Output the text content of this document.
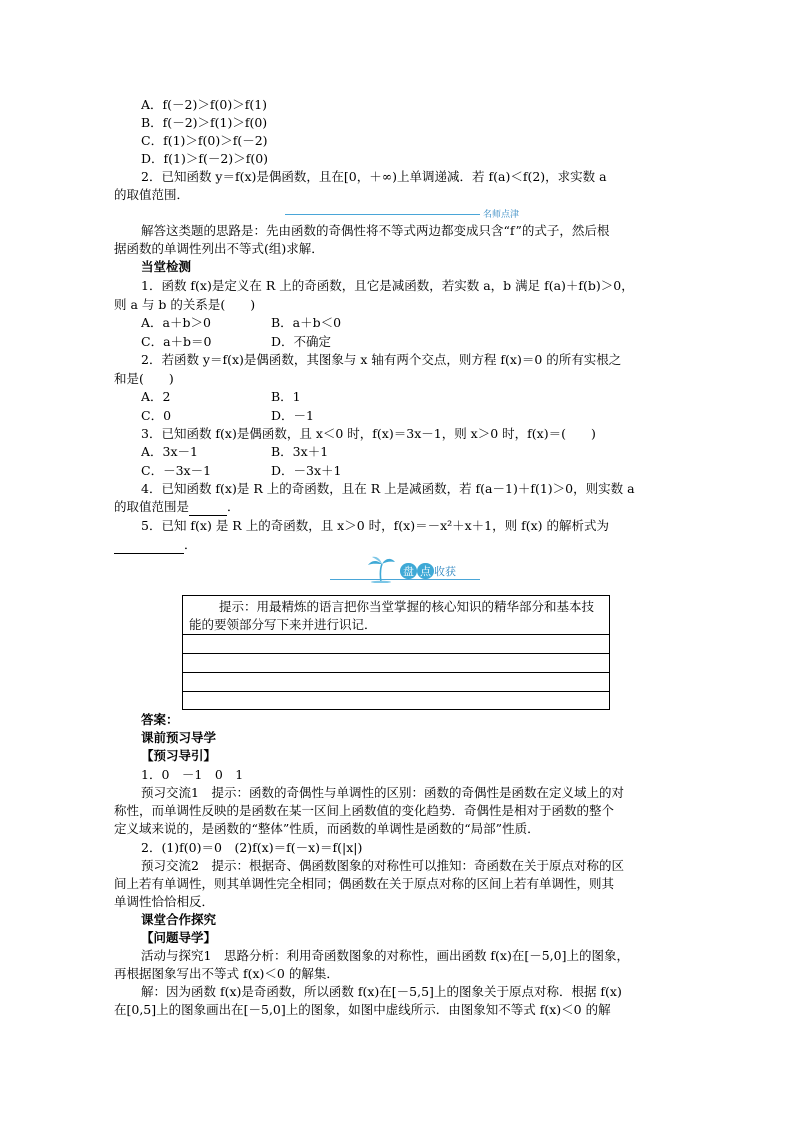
A．f(－2)＞f(0)＞f(1)
B．f(－2)＞f(1)＞f(0)
C．f(1)＞f(0)＞f(－2)
D．f(1)＞f(－2)＞f(0)
2．已知函数 y＝f(x)是偶函数，且在[0，＋∞)上单调递减．若 f(a)＜f(2)，求实数 a
的取值范围．
解答这类题的思路是：先由函数的奇偶性将不等式两边都变成只含“f”的式子，然后根
据函数的单调性列出不等式(组)求解．
当堂检测
1．函数 f(x)是定义在 R 上的奇函数，且它是减函数，若实数 a，b 满足 f(a)＋f(b)＞0，
则 a 与 b 的关系是(　　)
2．若函数 y＝f(x)是偶函数，其图象与 x 轴有两个交点，则方程 f(x)＝0 的所有实根之
和是(　　)
3．已知函数 f(x)是偶函数，且 x＜0 时，f(x)＝3x－1，则 x＞0 时，f(x)＝(　　)
4．已知函数 f(x)是 R 上的奇函数，且在 R 上是减函数，若 f(a－1)＋f(1)＞0，则实数 a
5．已知 f(x) 是 R 上的奇函数，且 x＞0 时，f(x)＝－x²＋x＋1，则 f(x) 的解析式为
答案：
课前预习导学
【预习导引】
1．0　－1　0　1
预习交流1　提示：函数的奇偶性与单调性的区别：函数的奇偶性是函数在定义域上的对
称性，而单调性反映的是函数在某一区间上函数值的变化趋势．奇偶性是相对于函数的整个
定义域来说的，是函数的“整体”性质，而函数的单调性是函数的“局部”性质．
2．(1)f(0)＝0　(2)f(x)＝f(－x)＝f(|x|)
预习交流2　提示：根据奇、偶函数图象的对称性可以推知：奇函数在关于原点对称的区
间上若有单调性，则其单调性完全相同；偶函数在关于原点对称的区间上若有单调性，则其
单调性恰恰相反．
课堂合作探究
【问题导学】
活动与探究1　思路分析：利用奇函数图象的对称性，画出函数 f(x)在[－5,0]上的图象，
再根据图象写出不等式 f(x)＜0 的解集．
解：因为函数 f(x)是奇函数，所以函数 f(x)在[－5,5]上的图象关于原点对称．根据 f(x)
在[0,5]上的图象画出在[－5,0]上的图象，如图中虚线所示．由图象知不等式 f(x)＜0 的解
A．a＋b＞0	B．a＋b＜0
C．a＋b＝0	D．不确定
A．2	B．1
C．0	D．－1
A．3x－1	B．3x＋1
C．－3x－1	D．－3x＋1
的取值范围是	．
．
名师点津
盘 点 收获
提示：用最精炼的语言把你当堂掌握的核心知识的精华部分和基本技能的要领部分写下来并进行识记．
